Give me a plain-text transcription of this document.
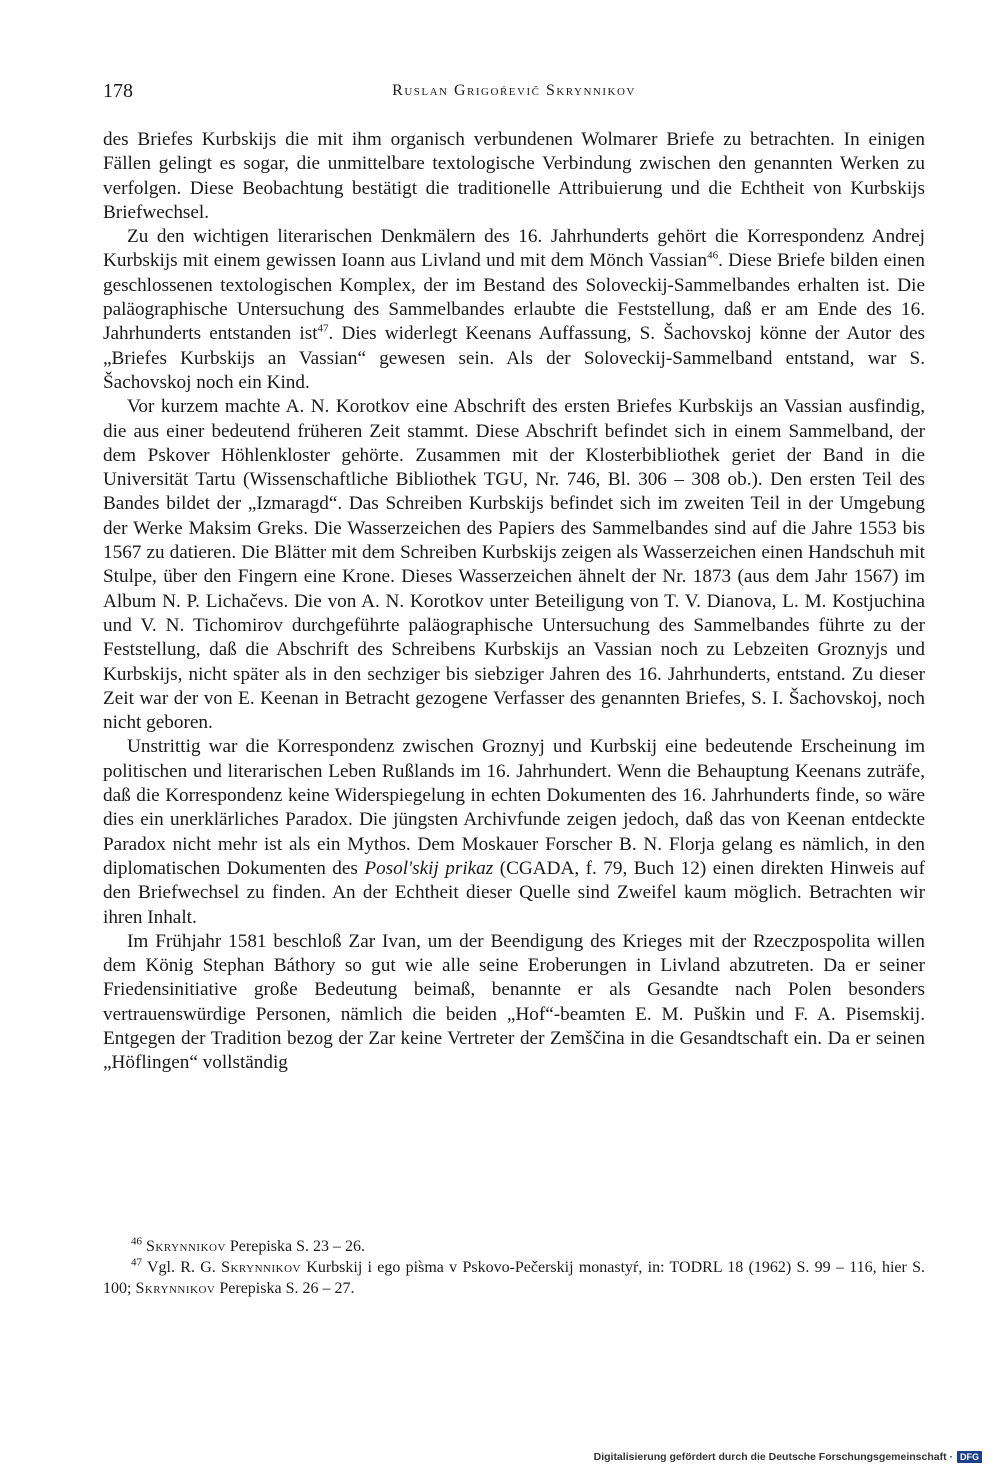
178	Ruslan Grigoŕevič Skrynnikov

des Briefes Kurbskijs die mit ihm organisch verbundenen Wolmarer Briefe zu betrachten. In einigen Fällen gelingt es sogar, die unmittelbare textologische Verbindung zwischen den genannten Werken zu verfolgen. Diese Beobachtung bestätigt die traditionelle Attribuierung und die Echtheit von Kurbskijs Briefwechsel.

Zu den wichtigen literarischen Denkmälern des 16. Jahrhunderts gehört die Korrespondenz Andrej Kurbskijs mit einem gewissen Ioann aus Livland und mit dem Mönch Vassian$^{46}$. Diese Briefe bilden einen geschlossenen textologischen Komplex, der im Bestand des Soloveckij-Sammelbandes erhalten ist. Die paläographische Untersuchung des Sammelbandes erlaubte die Feststellung, daß er am Ende des 16. Jahrhunderts entstanden ist$^{47}$. Dies widerlegt Keenans Auffassung, S. Šachovskoj könne der Autor des „Briefes Kurbskijs an Vassian“ gewesen sein. Als der Soloveckij-Sammelband entstand, war S. Šachovskoj noch ein Kind.

Vor kurzem machte A. N. Korotkov eine Abschrift des ersten Briefes Kurbskijs an Vassian ausfindig, die aus einer bedeutend früheren Zeit stammt. Diese Abschrift befindet sich in einem Sammelband, der dem Pskover Höhlenkloster gehörte. Zusammen mit der Klosterbibliothek geriet der Band in die Universität Tartu (Wissenschaftliche Bibliothek TGU, Nr. 746, Bl. 306 – 308 ob.). Den ersten Teil des Bandes bildet der „Izmaragd“. Das Schreiben Kurbskijs befindet sich im zweiten Teil in der Umgebung der Werke Maksim Greks. Die Wasserzeichen des Papiers des Sammelbandes sind auf die Jahre 1553 bis 1567 zu datieren. Die Blätter mit dem Schreiben Kurbskijs zeigen als Wasserzeichen einen Handschuh mit Stulpe, über den Fingern eine Krone. Dieses Wasserzeichen ähnelt der Nr. 1873 (aus dem Jahr 1567) im Album N. P. Lichačevs. Die von A. N. Korotkov unter Beteiligung von T. V. Dianova, L. M. Kostjuchina und V. N. Tichomirov durchgeführte paläographische Untersuchung des Sammelbandes führte zu der Feststellung, daß die Abschrift des Schreibens Kurbskijs an Vassian noch zu Lebzeiten Groznyjs und Kurbskijs, nicht später als in den sechziger bis siebziger Jahren des 16. Jahrhunderts, entstand. Zu dieser Zeit war der von E. Keenan in Betracht gezogene Verfasser des genannten Briefes, S. I. Šachovskoj, noch nicht geboren.

Unstrittig war die Korrespondenz zwischen Groznyj und Kurbskij eine bedeutende Erscheinung im politischen und literarischen Leben Rußlands im 16. Jahrhundert. Wenn die Behauptung Keenans zuträfe, daß die Korrespondenz keine Widerspiegelung in echten Dokumenten des 16. Jahrhunderts finde, so wäre dies ein unerklärliches Paradox. Die jüngsten Archivfunde zeigen jedoch, daß das von Keenan entdeckte Paradox nicht mehr ist als ein Mythos. Dem Moskauer Forscher B. N. Florja gelang es nämlich, in den diplomatischen Dokumenten des Posol'skij prikaz (CGADA, f. 79, Buch 12) einen direkten Hinweis auf den Briefwechsel zu finden. An der Echtheit dieser Quelle sind Zweifel kaum möglich. Betrachten wir ihren Inhalt.

Im Frühjahr 1581 beschloß Zar Ivan, um der Beendigung des Krieges mit der Rzeczpospolita willen dem König Stephan Báthory so gut wie alle seine Eroberungen in Livland abzutreten. Da er seiner Friedensinitiative große Bedeutung beimaß, benannte er als Gesandte nach Polen besonders vertrauenswürdige Personen, nämlich die beiden „Hof“-beamten E. M. Puškin und F. A. Pisemskij. Entgegen der Tradition bezog der Zar keine Vertreter der Zemščina in die Gesandtschaft ein. Da er seinen „Höflingen“ vollständig

$^{46}$ Skrynnikov Perepiska S. 23 – 26.

$^{47}$ Vgl. R. G. Skrynnikov Kurbskij i ego pis̀ma v Pskovo-Pečerskij monastyŕ, in: TODRL 18 (1962) S. 99 – 116, hier S. 100; Skrynnikov Perepiska S. 26 – 27.

Digitalisierung gefördert durch die Deutsche Forschungsgemeinschaft · DFG
